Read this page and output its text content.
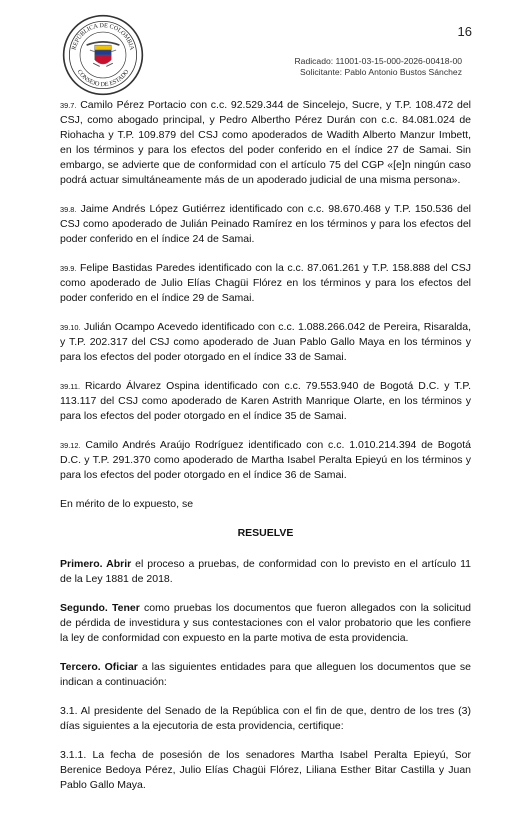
REPÚBLICA DE COLOMBIA
CONSEJO DE ESTADO
16
Radicado: 11001-03-15-000-2026-00418-00
Solicitante: Pablo Antonio Bustos Sánchez

39.7. Camilo Pérez Portacio con c.c. 92.529.344 de Sincelejo, Sucre, y T.P. 108.472 del CSJ, como abogado principal, y Pedro Albertho Pérez Durán con c.c. 84.081.024 de Riohacha y T.P. 109.879 del CSJ como apoderados de Wadith Alberto Manzur Imbett, en los términos y para los efectos del poder conferido en el índice 27 de Samai. Sin embargo, se advierte que de conformidad con el artículo 75 del CGP «[e]n ningún caso podrá actuar simultáneamente más de un apoderado judicial de una misma persona».

39.8. Jaime Andrés López Gutiérrez identificado con c.c. 98.670.468 y T.P. 150.536 del CSJ como apoderado de Julián Peinado Ramírez en los términos y para los efectos del poder conferido en el índice 24 de Samai.

39.9. Felipe Bastidas Paredes identificado con la c.c. 87.061.261 y T.P. 158.888 del CSJ como apoderado de Julio Elías Chagüi Flórez en los términos y para los efectos del poder conferido en el índice 29 de Samai.

39.10. Julián Ocampo Acevedo identificado con c.c. 1.088.266.042 de Pereira, Risaralda, y T.P. 202.317 del CSJ como apoderado de Juan Pablo Gallo Maya en los términos y para los efectos del poder otorgado en el índice 33 de Samai.

39.11. Ricardo Álvarez Ospina identificado con c.c. 79.553.940 de Bogotá D.C. y T.P. 113.117 del CSJ como apoderado de Karen Astrith Manrique Olarte, en los términos y para los efectos del poder otorgado en el índice 35 de Samai.

39.12. Camilo Andrés Araújo Rodríguez identificado con c.c. 1.010.214.394 de Bogotá D.C. y T.P. 291.370 como apoderado de Martha Isabel Peralta Epieyú en los términos y para los efectos del poder otorgado en el índice 36 de Samai.

En mérito de lo expuesto, se

RESUELVE

Primero. Abrir el proceso a pruebas, de conformidad con lo previsto en el artículo 11 de la Ley 1881 de 2018.

Segundo. Tener como pruebas los documentos que fueron allegados con la solicitud de pérdida de investidura y sus contestaciones con el valor probatorio que les confiere la ley de conformidad con expuesto en la parte motiva de esta providencia.

Tercero. Oficiar a las siguientes entidades para que alleguen los documentos que se indican a continuación:

3.1. Al presidente del Senado de la República con el fin de que, dentro de los tres (3) días siguientes a la ejecutoria de esta providencia, certifique:

3.1.1. La fecha de posesión de los senadores Martha Isabel Peralta Epieyú, Sor Berenice Bedoya Pérez, Julio Elías Chagüi Flórez, Liliana Esther Bitar Castilla y Juan Pablo Gallo Maya.
